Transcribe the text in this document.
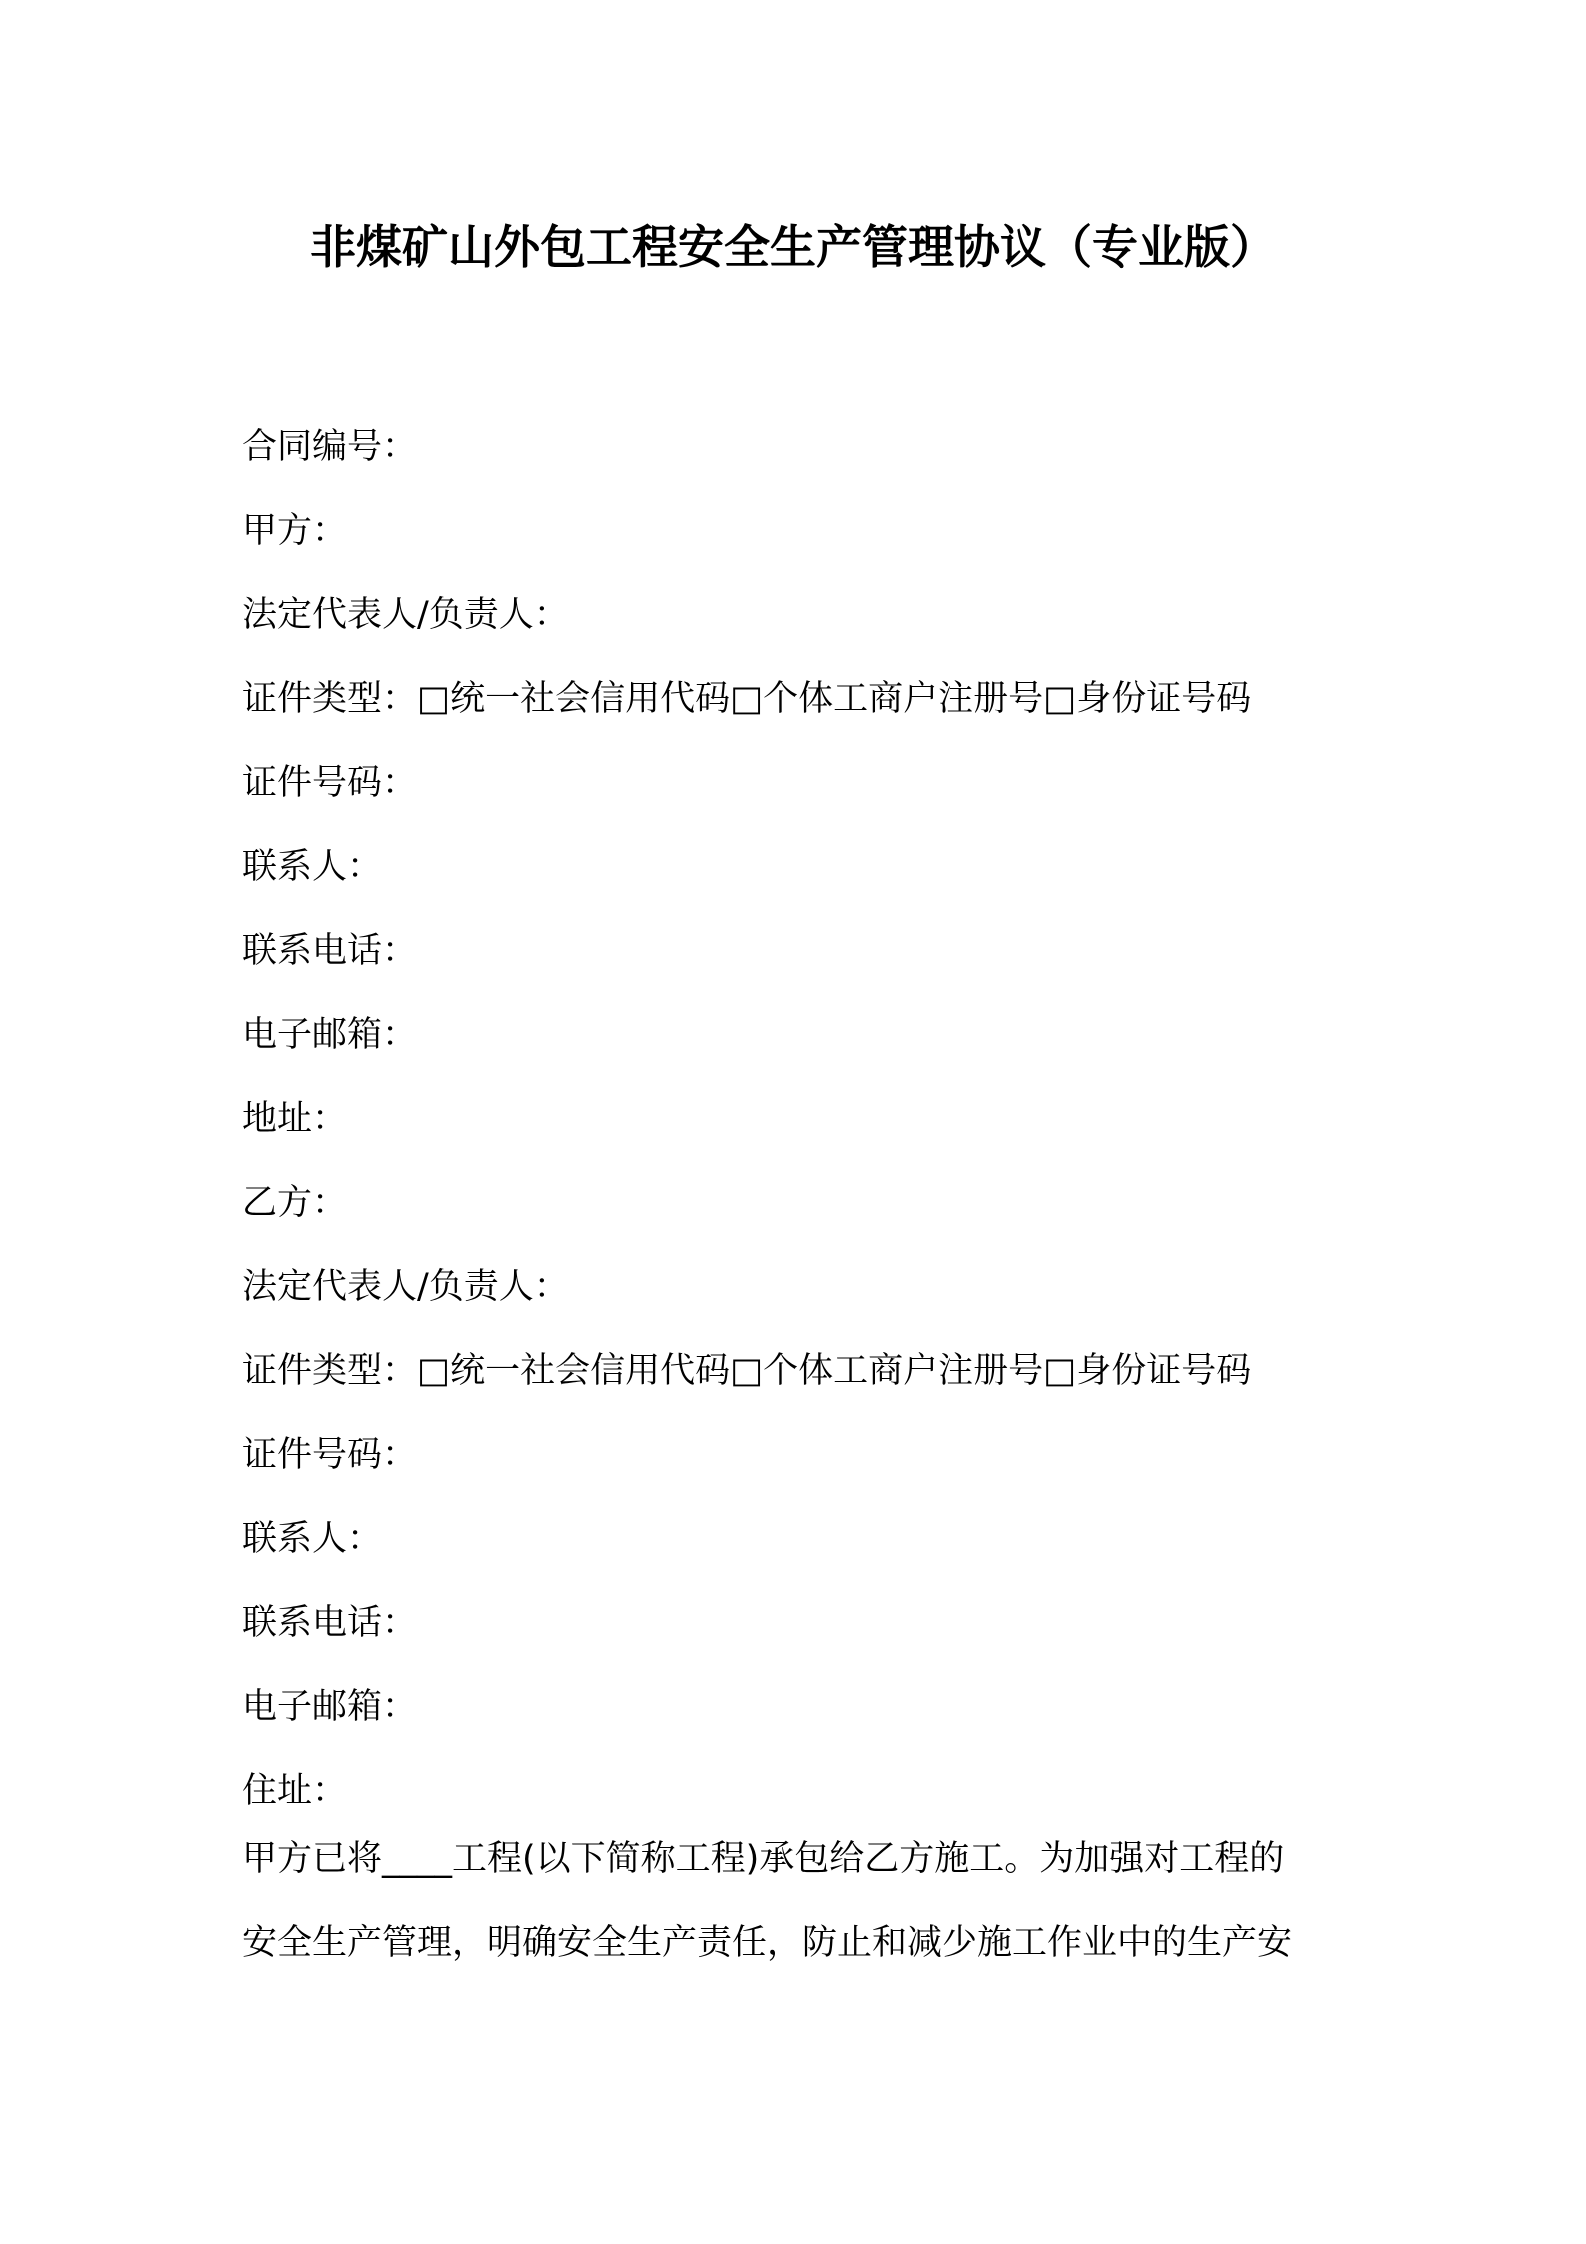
非煤矿山外包工程安全生产管理协议（专业版）
合同编号：
甲方：
法定代表人/负责人：
证件类型：□统一社会信用代码□个体工商户注册号□身份证号码
证件号码：
联系人：
联系电话：
电子邮箱：
地址：
乙方：
法定代表人/负责人：
证件类型：□统一社会信用代码□个体工商户注册号□身份证号码
证件号码：
联系人：
联系电话：
电子邮箱：
住址：
甲方已将____工程(以下简称工程)承包给乙方施工。为加强对工程的
安全生产管理，明确安全生产责任，防止和减少施工作业中的生产安
